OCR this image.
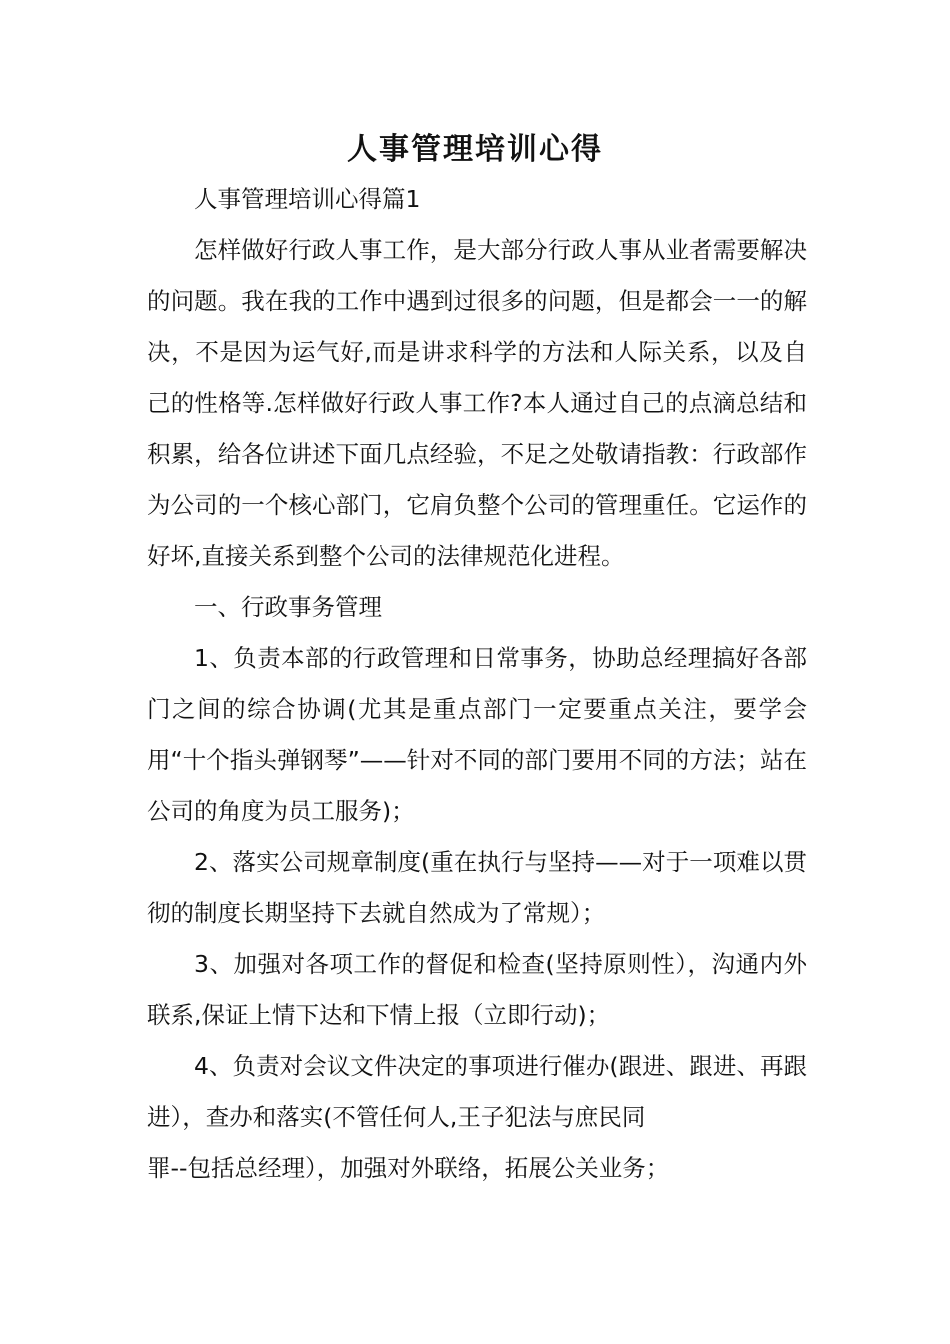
人事管理培训心得

人事管理培训心得篇1

怎样做好行政人事工作，是大部分行政人事从业者需要解决的问题。我在我的工作中遇到过很多的问题，但是都会一一的解决，不是因为运气好,而是讲求科学的方法和人际关系，以及自己的性格等.怎样做好行政人事工作?本人通过自己的点滴总结和积累，给各位讲述下面几点经验，不足之处敬请指教：行政部作为公司的一个核心部门，它肩负整个公司的管理重任。它运作的好坏,直接关系到整个公司的法律规范化进程。

一、行政事务管理

1、负责本部的行政管理和日常事务，协助总经理搞好各部门之间的综合协调(尤其是重点部门一定要重点关注，要学会用“十个指头弹钢琴”——针对不同的部门要用不同的方法；站在公司的角度为员工服务)；

2、落实公司规章制度(重在执行与坚持——对于一项难以贯彻的制度长期坚持下去就自然成为了常规）；

3、加强对各项工作的督促和检查(坚持原则性），沟通内外联系,保证上情下达和下情上报（立即行动)；

4、负责对会议文件决定的事项进行催办(跟进、跟进、再跟进），查办和落实(不管任何人,王子犯法与庶民同
罪--包括总经理），加强对外联络，拓展公关业务；
